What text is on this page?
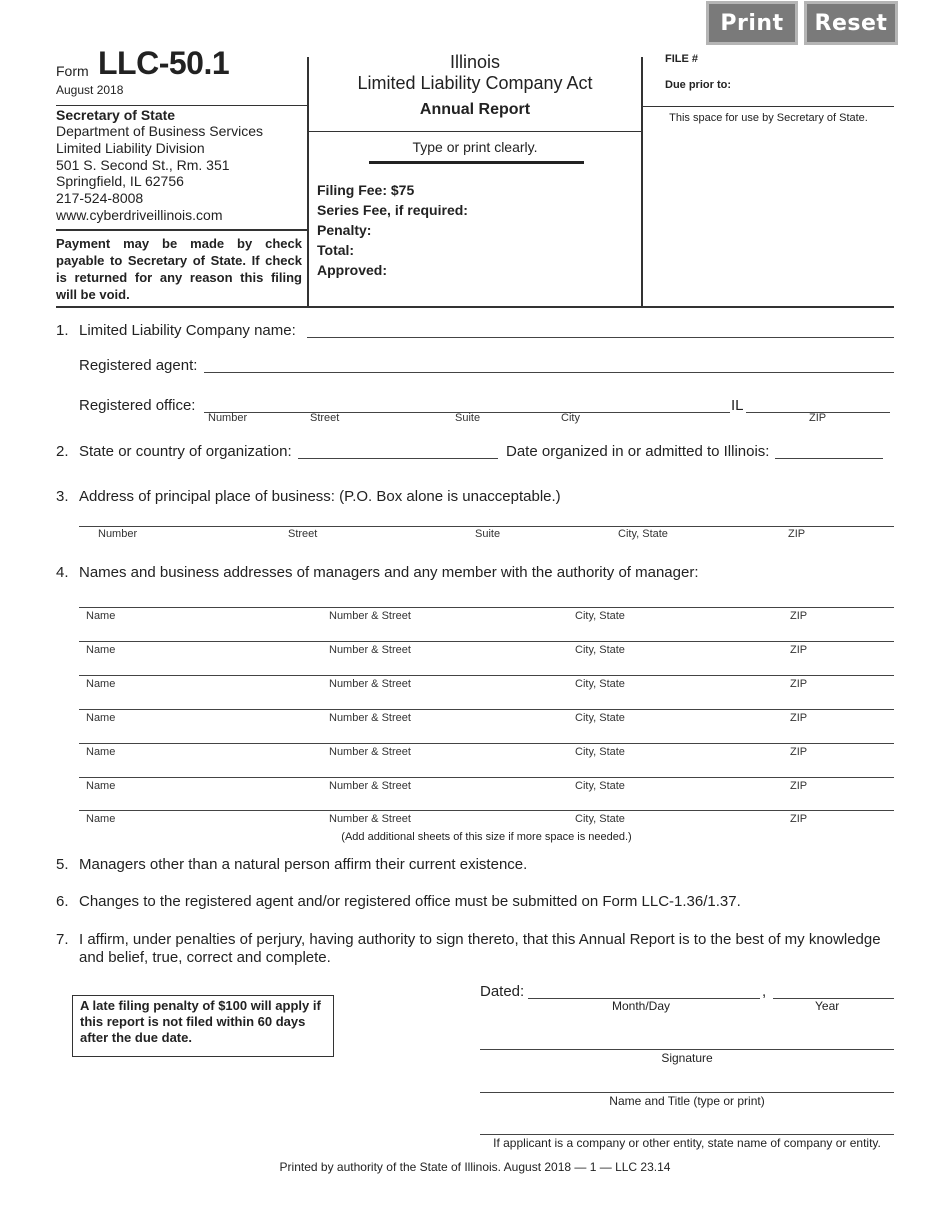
Print	Reset
Form LLC-50.1
August 2018
Secretary of State
Department of Business Services
Limited Liability Division
501 S. Second St., Rm. 351
Springfield, IL 62756
217-524-8008
www.cyberdriveillinois.com
Payment may be made by check payable to Secretary of State. If check is returned for any reason this filing will be void.
Illinois
Limited Liability Company Act
Annual Report
Type or print clearly.
Filing Fee: $75
Series Fee, if required:
Penalty:
Total:
Approved:
FILE #
Due prior to:
This space for use by Secretary of State.
1. Limited Liability Company name:
Registered agent:
Registered office:	IL
Number	Street	Suite	City	ZIP
2. State or country of organization:	Date organized in or admitted to Illinois:
3. Address of principal place of business: (P.O. Box alone is unacceptable.)
Number	Street	Suite	City, State	ZIP
4. Names and business addresses of managers and any member with the authority of manager:
Name	Number & Street	City, State	ZIP
Name	Number & Street	City, State	ZIP
Name	Number & Street	City, State	ZIP
Name	Number & Street	City, State	ZIP
Name	Number & Street	City, State	ZIP
Name	Number & Street	City, State	ZIP
Name	Number & Street	City, State	ZIP
(Add additional sheets of this size if more space is needed.)
5. Managers other than a natural person affirm their current existence.
6. Changes to the registered agent and/or registered office must be submitted on Form LLC-1.36/1.37.
7. I affirm, under penalties of perjury, having authority to sign thereto, that this Annual Report is to the best of my knowledge and belief, true, correct and complete.
A late filing penalty of $100 will apply if this report is not filed within 60 days after the due date.
Dated:	,
Month/Day	Year
Signature
Name and Title (type or print)
If applicant is a company or other entity, state name of company or entity.
Printed by authority of the State of Illinois. August 2018 — 1 — LLC 23.14
